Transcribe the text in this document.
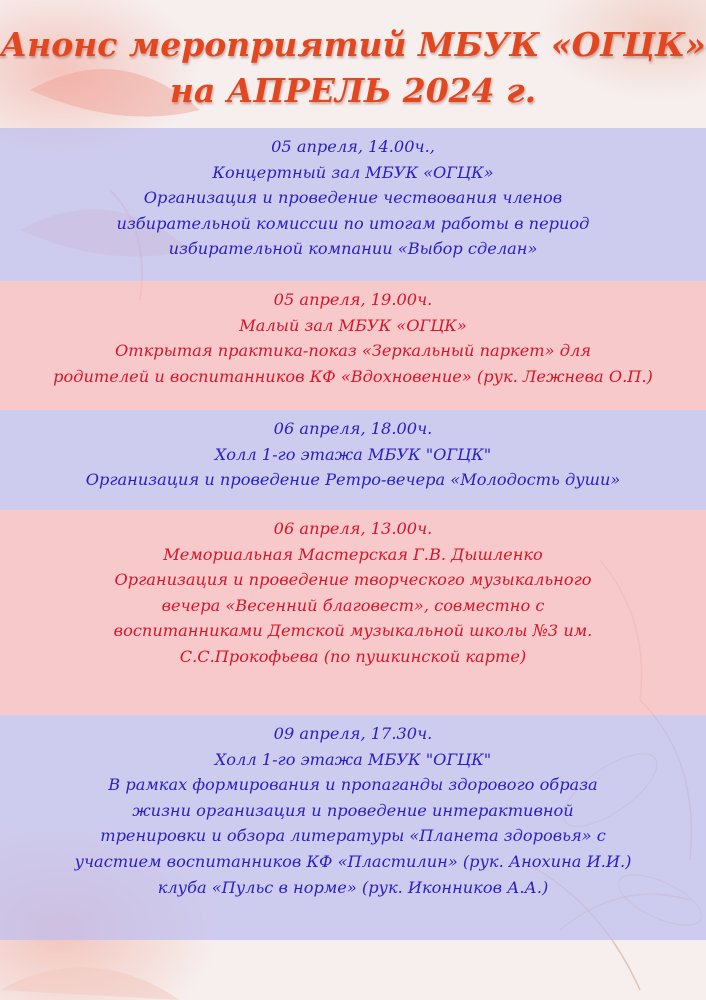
Анонс мероприятий МБУК «ОГЦК»
на АПРЕЛЬ 2024 г.
05 апреля, 14.00ч.,
Концертный зал МБУК «ОГЦК»
Организация и проведение чествования членов
избирательной комиссии по итогам работы в период
избирательной компании «Выбор сделан»
05 апреля, 19.00ч.
Малый зал МБУК «ОГЦК»
Открытая практика-показ «Зеркальный паркет» для
родителей и воспитанников КФ «Вдохновение» (рук. Лежнева О.П.)
06 апреля, 18.00ч.
Холл 1-го этажа МБУК "ОГЦК"
Организация и проведение Ретро-вечера «Молодость души»
06 апреля, 13.00ч.
Мемориальная Мастерская Г.В. Дышленко
Организация и проведение творческого музыкального
вечера «Весенний благовест», совместно с
воспитанниками Детской музыкальной школы №3 им.
С.С.Прокофьева (по пушкинской карте)
09 апреля, 17.30ч.
Холл 1-го этажа МБУК "ОГЦК"
В рамках формирования и пропаганды здорового образа
жизни организация и проведение интерактивной
тренировки и обзора литературы «Планета здоровья» с
участием воспитанников КФ «Пластилин» (рук. Анохина И.И.)
клуба «Пульс в норме» (рук. Иконников А.А.)
